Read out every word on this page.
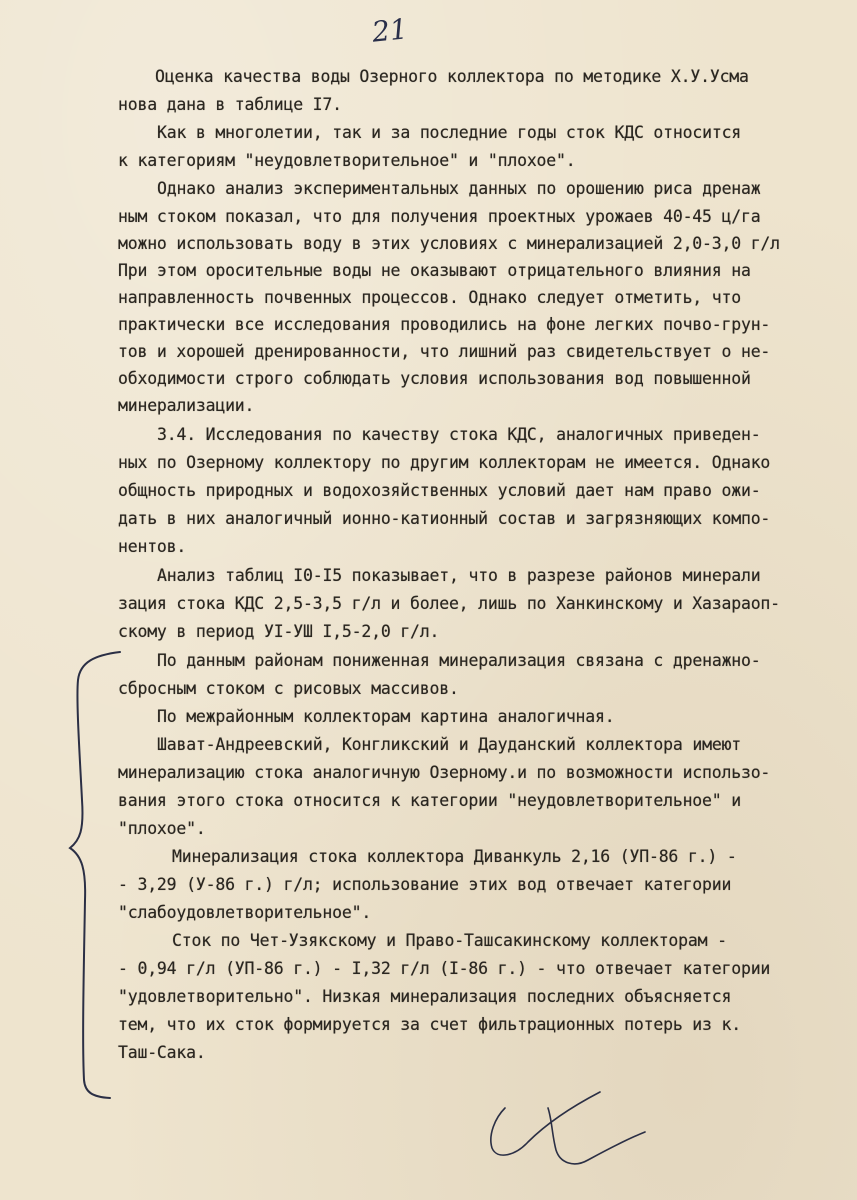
21
Оценка качества воды Озерного коллектора по методике Х.У.Усма
нова дана в таблице I7.
Как в многолетии, так и за последние годы сток КДС относится
к категориям "неудовлетворительное" и "плохое".
Однако анализ экспериментальных данных по орошению риса дренаж
ным стоком показал, что для получения проектных урожаев 40-45 ц/га
можно использовать воду в этих условиях с минерализацией 2,0-3,0 г/л
При этом оросительные воды не оказывают отрицательного влияния на
направленность почвенных процессов. Однако следует отметить, что
практически все исследования проводились на фоне легких почво-грун-
тов и хорошей дренированности, что лишний раз свидетельствует о не-
обходимости строго соблюдать условия использования вод повышенной
минерализации.
3.4. Исследования по качеству стока КДС, аналогичных приведен-
ных по Озерному коллектору по другим коллекторам не имеется. Однако
общность природных и водохозяйственных условий дает нам право ожи-
дать в них аналогичный ионно-катионный состав и загрязняющих компо-
нентов.
Анализ таблиц I0-I5 показывает, что в разрезе районов минерали
зация стока КДС 2,5-3,5 г/л и более, лишь по Ханкинскому и Хазараоп-
скому в период УI-УШ I,5-2,0 г/л.
По данным районам пониженная минерализация связана с дренажно-
сбросным стоком с рисовых массивов.
По межрайонным коллекторам картина аналогичная.
Шават-Андреевский, Конгликский и Дауданский коллектора имеют
минерализацию стока аналогичную Озерному.и по возможности использо-
вания этого стока относится к категории "неудовлетворительное" и
"плохое".
Минерализация стока коллектора Диванкуль 2,16 (УП-86 г.) -
- 3,29 (У-86 г.) г/л; использование этих вод отвечает категории
"слабоудовлетворительное".
Сток по Чет-Узякскому и Право-Ташсакинскому коллекторам -
- 0,94 г/л (УП-86 г.) - I,32 г/л (I-86 г.) - что отвечает категории
"удовлетворительно". Низкая минерализация последних объясняется
тем, что их сток формируется за счет фильтрационных потерь из к.
Таш-Сака.
